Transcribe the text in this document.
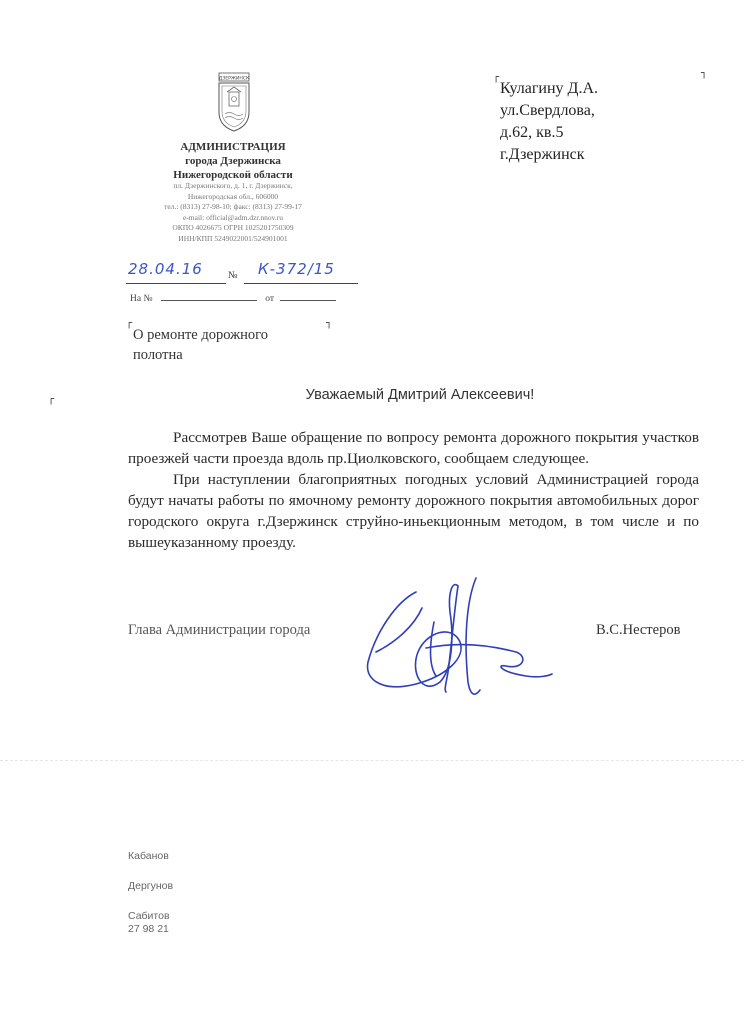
ДЗЕРЖИНСК
АДМИНИСТРАЦИЯ
города Дзержинска
Нижегородской области
пл. Дзержинского, д. 1, г. Дзержинск,
Нижегородская обл., 606000
тел.: (8313) 27-98-10; факс: (8313) 27-99-17
e-mail: official@adm.dzr.nnov.ru
ОКПО 4026675 ОГРН 1025201750309
ИНН/КПП 5249022001/524901001
┌	┐
Кулагину Д.А.
ул.Свердлова,
д.62, кв.5
г.Дзержинск
28.04.16	№ К-372/15
На №	от
┌	┐
О ремонте дорожного
полотна
┌	Уважаемый Дмитрий Алексеевич!

Рассмотрев Ваше обращение по вопросу ремонта дорожного покрытия участков проезжей части проезда вдоль пр.Циолковского, сообщаем следующее.

При наступлении благоприятных погодных условий Администрацией города будут начаты работы по ямочному ремонту дорожного покрытия автомобильных дорог городского округа г.Дзержинск струйно-иньекционным методом, в том числе и по вышеуказанному проезду.

Глава Администрации города	В.С.Нестеров
Кабанов
Дергунов
Сабитов
27 98 21
